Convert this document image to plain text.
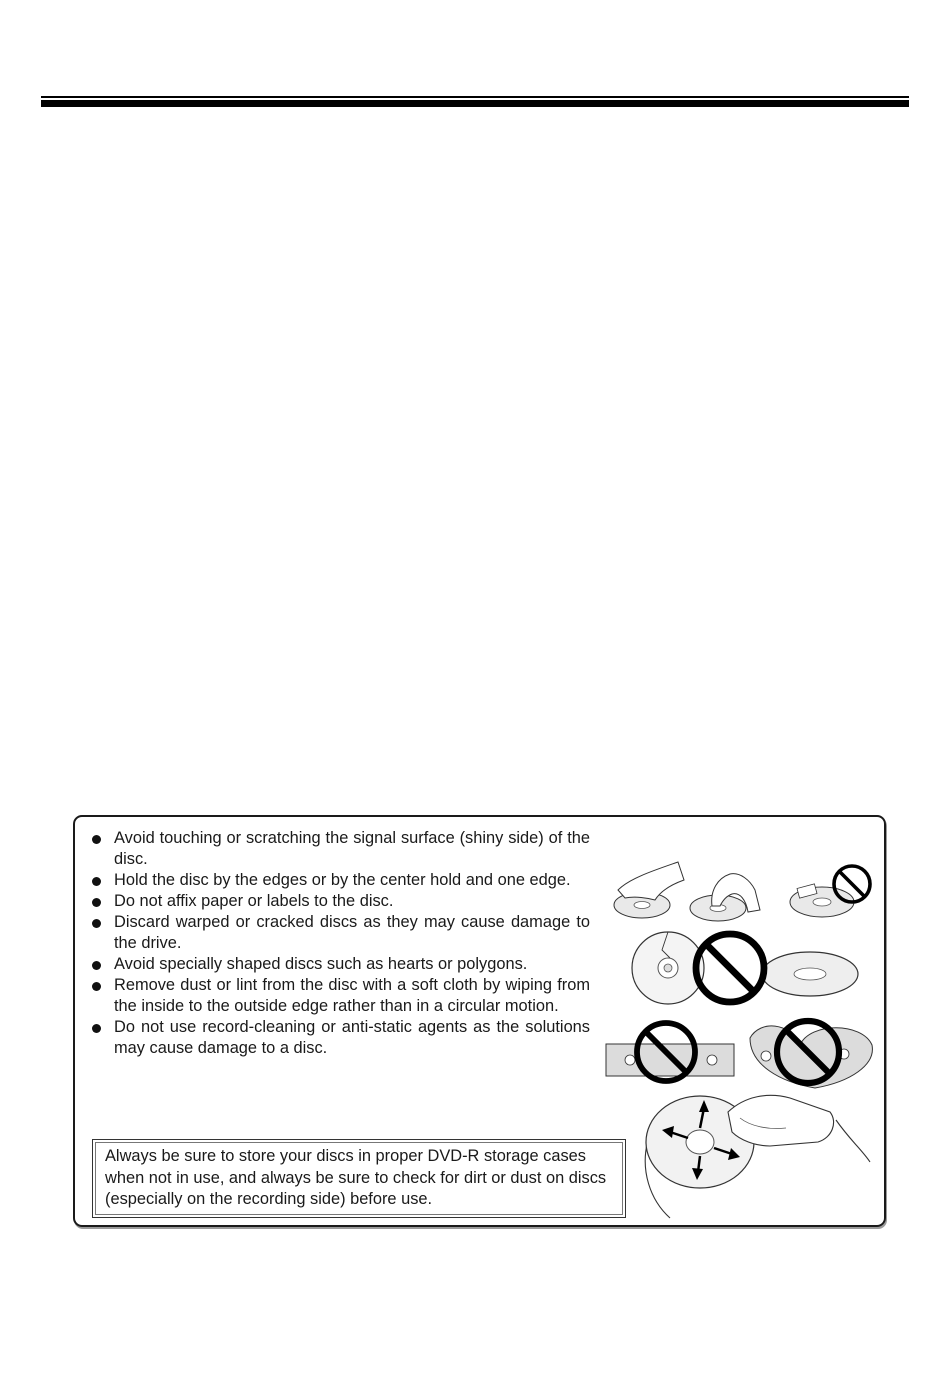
Avoid touching or scratching the signal surface (shiny side) of the disc.
Hold the disc by the edges or by the center hold and one edge.
Do not affix paper or labels to the disc.
Discard warped or cracked discs as they may cause damage to the drive.
Avoid specially shaped discs such as hearts or polygons.
Remove dust or lint from the disc with a soft cloth by wiping from the inside to the outside edge rather than in a circular motion.
Do not use record-cleaning or anti-static agents as the solutions may cause damage to a disc.

Always be sure to store your discs in proper DVD-R storage cases when not in use, and always be sure to check for dirt or dust on discs (especially on the recording side) before use.
